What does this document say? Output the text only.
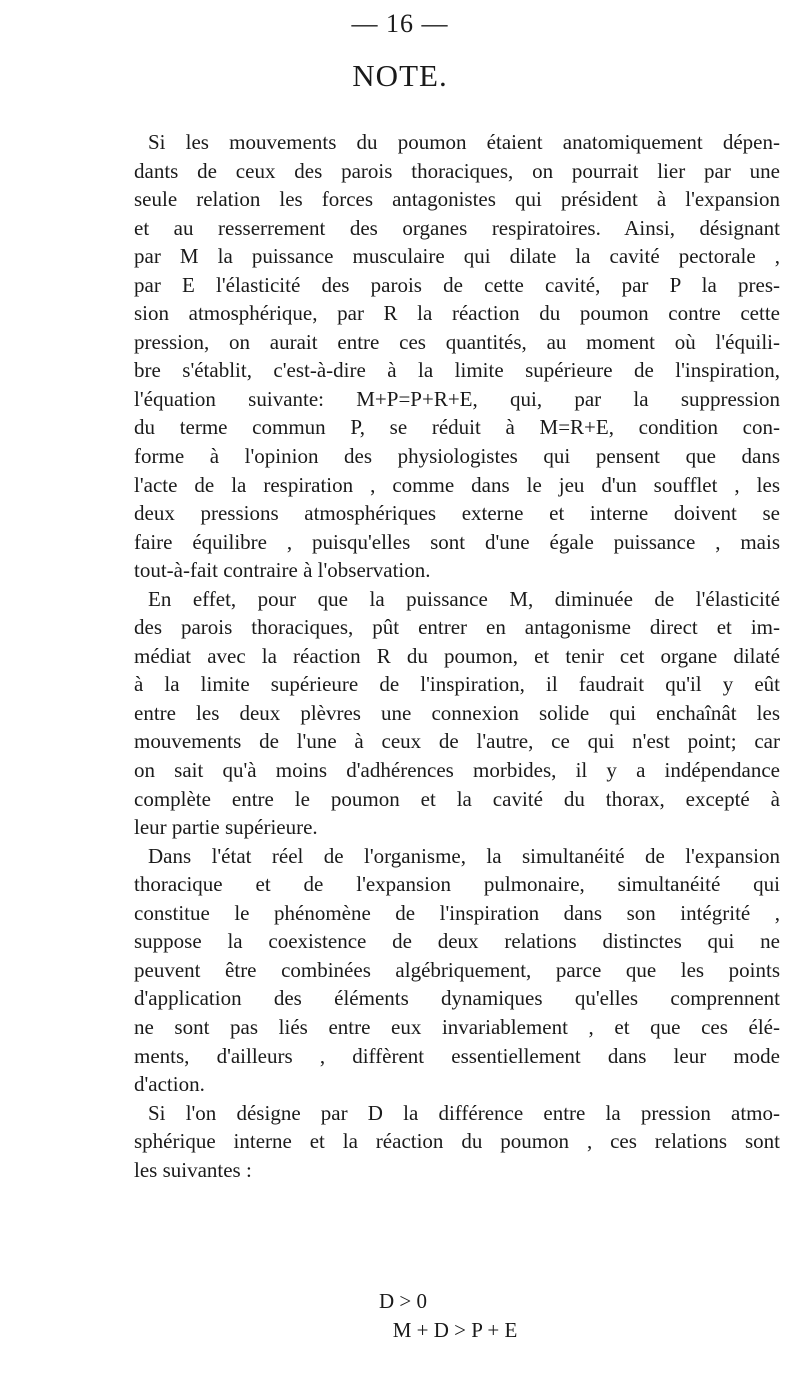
— 16 —
NOTE.
Si les mouvements du poumon étaient anatomiquement dépen-
dants de ceux des parois thoraciques, on pourrait lier par une
seule relation les forces antagonistes qui président à l'expansion
et au resserrement des organes respiratoires. Ainsi, désignant
par M la puissance musculaire qui dilate la cavité pectorale ,
par E l'élasticité des parois de cette cavité, par P la pres-
sion atmosphérique, par R la réaction du poumon contre cette
pression, on aurait entre ces quantités, au moment où l'équili-
bre s'établit, c'est-à-dire à la limite supérieure de l'inspiration,
l'équation suivante: M+P=P+R+E, qui, par la suppression
du terme commun P, se réduit à M=R+E, condition con-
forme à l'opinion des physiologistes qui pensent que dans
l'acte de la respiration , comme dans le jeu d'un soufflet , les
deux pressions atmosphériques externe et interne doivent se
faire équilibre , puisqu'elles sont d'une égale puissance , mais
tout-à-fait contraire à l'observation.
En effet, pour que la puissance M, diminuée de l'élasticité
des parois thoraciques, pût entrer en antagonisme direct et im-
médiat avec la réaction R du poumon, et tenir cet organe dilaté
à la limite supérieure de l'inspiration, il faudrait qu'il y eût
entre les deux plèvres une connexion solide qui enchaînât les
mouvements de l'une à ceux de l'autre, ce qui n'est point; car
on sait qu'à moins d'adhérences morbides, il y a indépendance
complète entre le poumon et la cavité du thorax, excepté à
leur partie supérieure.
Dans l'état réel de l'organisme, la simultanéité de l'expansion
thoracique et de l'expansion pulmonaire, simultanéité qui
constitue le phénomène de l'inspiration dans son intégrité ,
suppose la coexistence de deux relations distinctes qui ne
peuvent être combinées algébriquement, parce que les points
d'application des éléments dynamiques qu'elles comprennent
ne sont pas liés entre eux invariablement , et que ces élé-
ments, d'ailleurs , diffèrent essentiellement dans leur mode
d'action.
Si l'on désigne par D la différence entre la pression atmo-
sphérique interne et la réaction du poumon , ces relations sont
les suivantes :
D > 0
M + D > P + E
